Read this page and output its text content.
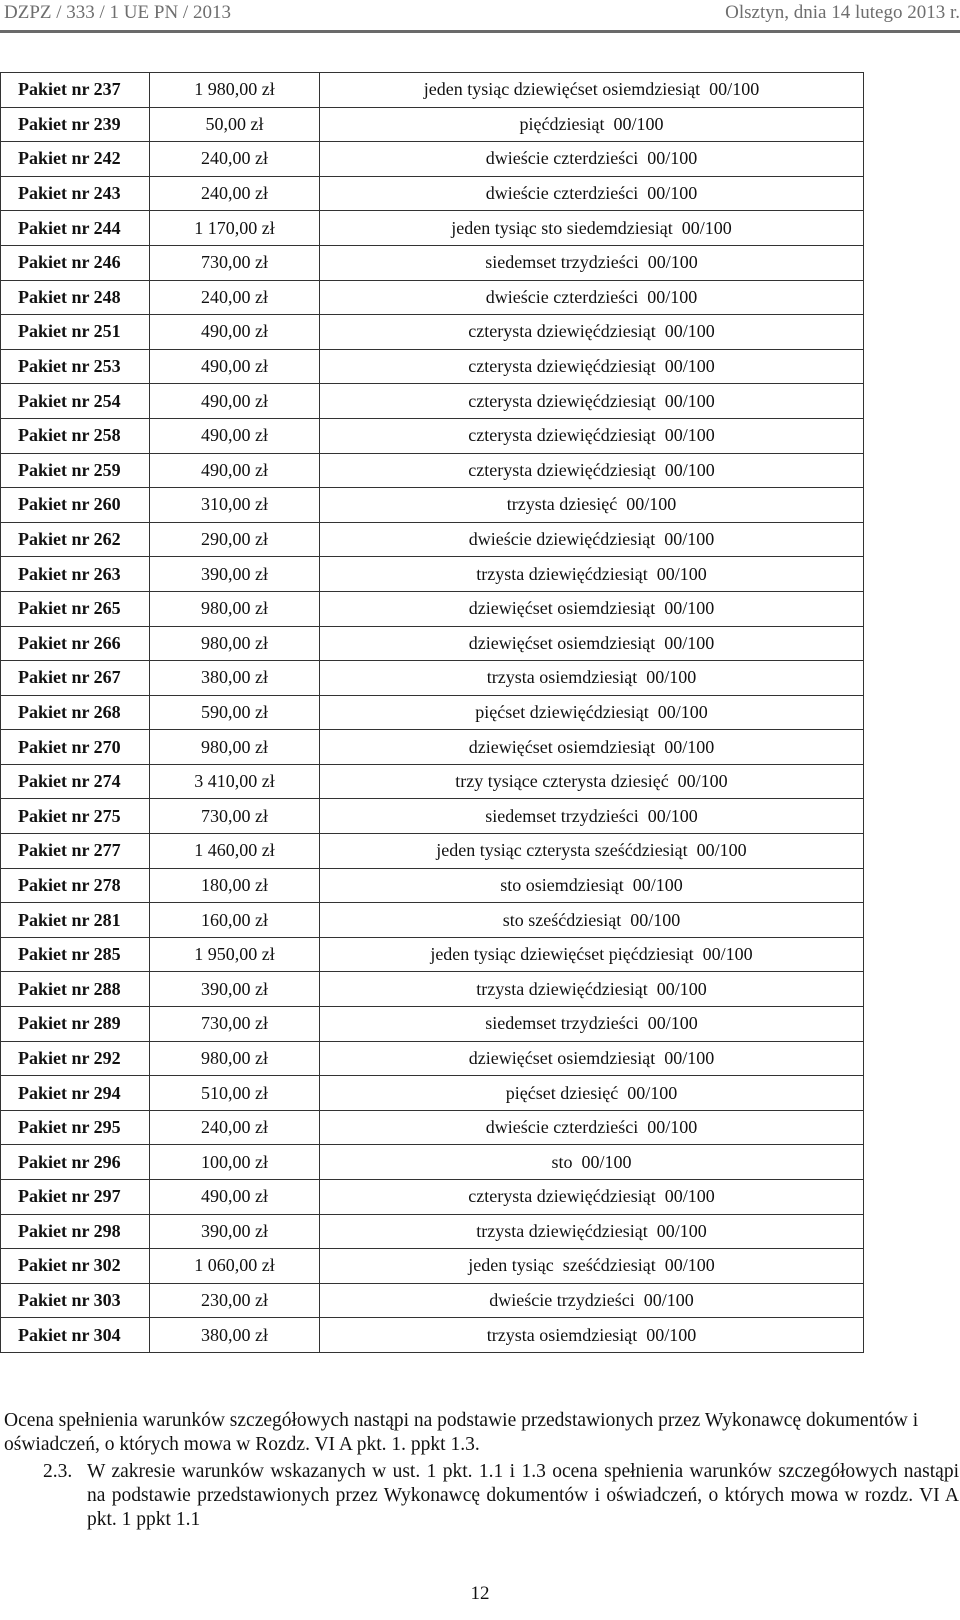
DZPZ / 333 / 1 UE PN / 2013	Olsztyn, dnia 14 lutego 2013 r.
Pakiet nr 237	1 980,00 zł	jeden tysiąc dziewięćset osiemdziesiąt  00/100
Pakiet nr 239	50,00 zł	pięćdziesiąt  00/100
Pakiet nr 242	240,00 zł	dwieście czterdzieści  00/100
Pakiet nr 243	240,00 zł	dwieście czterdzieści  00/100
Pakiet nr 244	1 170,00 zł	jeden tysiąc sto siedemdziesiąt  00/100
Pakiet nr 246	730,00 zł	siedemset trzydzieści  00/100
Pakiet nr 248	240,00 zł	dwieście czterdzieści  00/100
Pakiet nr 251	490,00 zł	czterysta dziewięćdziesiąt  00/100
Pakiet nr 253	490,00 zł	czterysta dziewięćdziesiąt  00/100
Pakiet nr 254	490,00 zł	czterysta dziewięćdziesiąt  00/100
Pakiet nr 258	490,00 zł	czterysta dziewięćdziesiąt  00/100
Pakiet nr 259	490,00 zł	czterysta dziewięćdziesiąt  00/100
Pakiet nr 260	310,00 zł	trzysta dziesięć  00/100
Pakiet nr 262	290,00 zł	dwieście dziewięćdziesiąt  00/100
Pakiet nr 263	390,00 zł	trzysta dziewięćdziesiąt  00/100
Pakiet nr 265	980,00 zł	dziewięćset osiemdziesiąt  00/100
Pakiet nr 266	980,00 zł	dziewięćset osiemdziesiąt  00/100
Pakiet nr 267	380,00 zł	trzysta osiemdziesiąt  00/100
Pakiet nr 268	590,00 zł	pięćset dziewięćdziesiąt  00/100
Pakiet nr 270	980,00 zł	dziewięćset osiemdziesiąt  00/100
Pakiet nr 274	3 410,00 zł	trzy tysiące czterysta dziesięć  00/100
Pakiet nr 275	730,00 zł	siedemset trzydzieści  00/100
Pakiet nr 277	1 460,00 zł	jeden tysiąc czterysta sześćdziesiąt  00/100
Pakiet nr 278	180,00 zł	sto osiemdziesiąt  00/100
Pakiet nr 281	160,00 zł	sto sześćdziesiąt  00/100
Pakiet nr 285	1 950,00 zł	jeden tysiąc dziewięćset pięćdziesiąt  00/100
Pakiet nr 288	390,00 zł	trzysta dziewięćdziesiąt  00/100
Pakiet nr 289	730,00 zł	siedemset trzydzieści  00/100
Pakiet nr 292	980,00 zł	dziewięćset osiemdziesiąt  00/100
Pakiet nr 294	510,00 zł	pięćset dziesięć  00/100
Pakiet nr 295	240,00 zł	dwieście czterdzieści  00/100
Pakiet nr 296	100,00 zł	sto  00/100
Pakiet nr 297	490,00 zł	czterysta dziewięćdziesiąt  00/100
Pakiet nr 298	390,00 zł	trzysta dziewięćdziesiąt  00/100
Pakiet nr 302	1 060,00 zł	jeden tysiąc  sześćdziesiąt  00/100
Pakiet nr 303	230,00 zł	dwieście trzydzieści  00/100
Pakiet nr 304	380,00 zł	trzysta osiemdziesiąt  00/100
Ocena spełnienia warunków szczegółowych nastąpi na podstawie przedstawionych przez Wykonawcę dokumentów i oświadczeń, o których mowa w Rozdz. VI A pkt. 1. ppkt 1.3.
2.3. W zakresie warunków wskazanych w ust. 1 pkt. 1.1 i 1.3 ocena spełnienia warunków szczegółowych nastąpi na podstawie przedstawionych przez Wykonawcę dokumentów i oświadczeń, o których mowa w rozdz. VI A pkt. 1 ppkt 1.1
12
